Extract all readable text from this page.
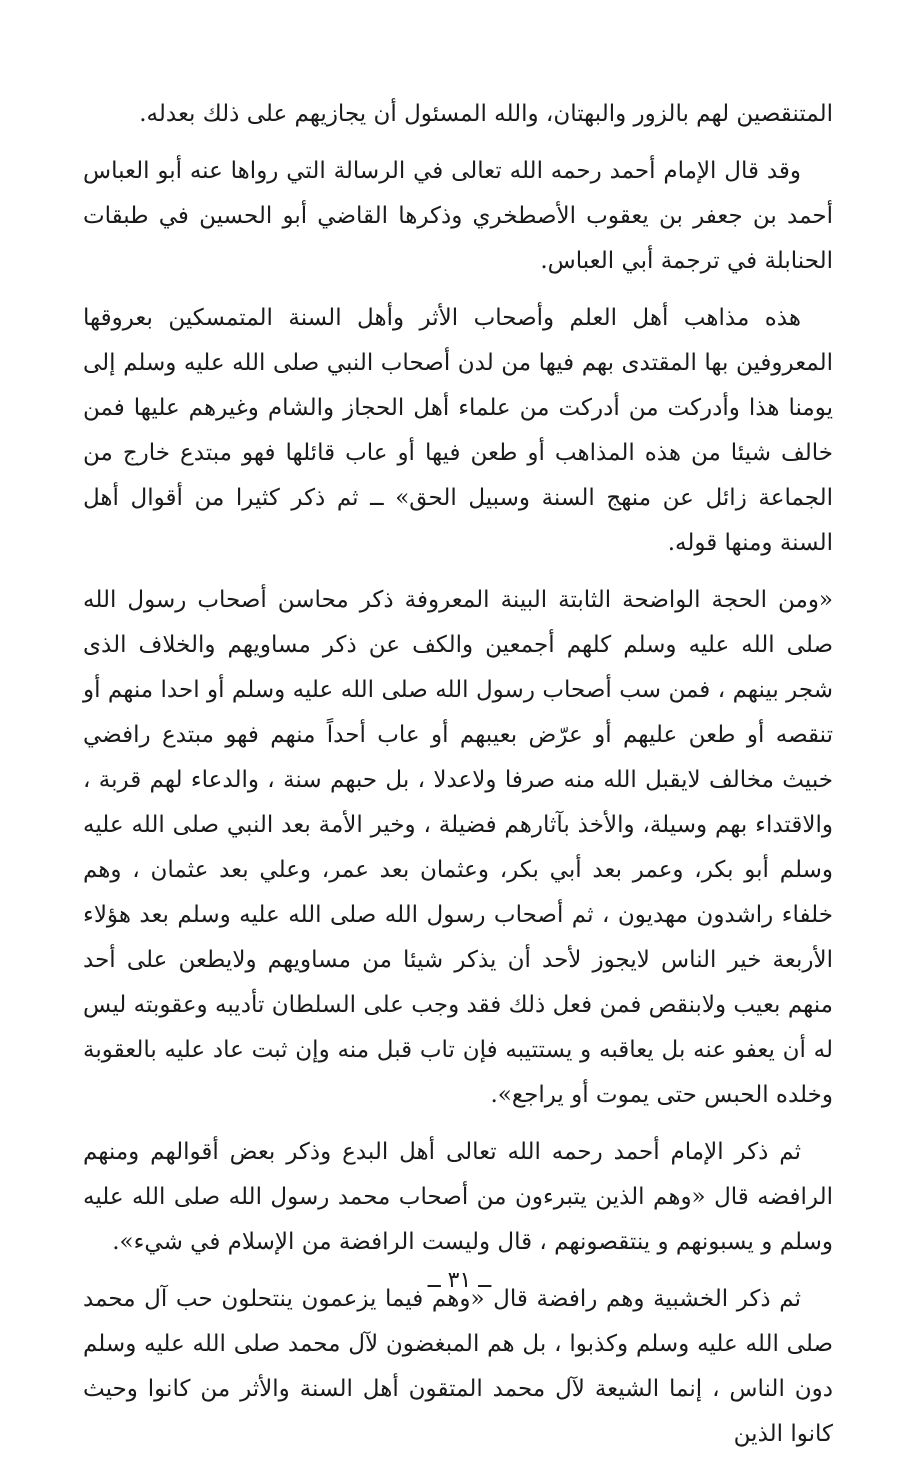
المتنقصين لهم بالزور والبهتان، والله المسئول أن يجازيهم على ذلك بعدله.

وقد قال الإمام أحمد رحمه الله تعالى في الرسالة التي رواها عنه أبو العباس أحمد بن جعفر بن يعقوب الأصطخري وذكرها القاضي أبو الحسين في طبقات الحنابلة في ترجمة أبي العباس.

هذه مذاهب أهل العلم وأصحاب الأثر وأهل السنة المتمسكين بعروقها المعروفين بها المقتدى بهم فيها من لدن أصحاب النبي صلى الله عليه وسلم إلى يومنا هذا وأدركت من أدركت من علماء أهل الحجاز والشام وغيرهم عليها فمن خالف شيئا من هذه المذاهب أو طعن فيها أو عاب قائلها فهو مبتدع خارج من الجماعة زائل عن منهج السنة وسبيل الحق» ــ ثم ذكر كثيرا من أقوال أهل السنة ومنها قوله.

«ومن الحجة الواضحة الثابتة البينة المعروفة ذكر محاسن أصحاب رسول الله صلى الله عليه وسلم كلهم أجمعين والكف عن ذكر مساويهم والخلاف الذى شجر بينهم ، فمن سب أصحاب رسول الله صلى الله عليه وسلم أو احدا منهم أو تنقصه أو طعن عليهم أو عرّض بعيبهم أو عاب أحداً منهم فهو مبتدع رافضي خبيث مخالف لايقبل الله منه صرفا ولاعدلا ، بل حبهم سنة ، والدعاء لهم قربة ، والاقتداء بهم وسيلة، والأخذ بآثارهم فضيلة ، وخير الأمة بعد النبي صلى الله عليه وسلم أبو بكر، وعمر بعد أبي بكر، وعثمان بعد عمر، وعلي بعد عثمان ، وهم خلفاء راشدون مهديون ، ثم أصحاب رسول الله صلى الله عليه وسلم بعد هؤلاء الأربعة خير الناس لايجوز لأحد أن يذكر شيئا من مساويهم ولايطعن على أحد منهم بعيب ولابنقص فمن فعل ذلك فقد وجب على السلطان تأديبه وعقوبته ليس له أن يعفو عنه بل يعاقبه و يستتيبه فإن تاب قبل منه وإن ثبت عاد عليه بالعقوبة وخلده الحبس حتى يموت أو يراجع».

ثم ذكر الإمام أحمد رحمه الله تعالى أهل البدع وذكر بعض أقوالهم ومنهم الرافضه قال «وهم الذين يتبرءون من أصحاب محمد رسول الله صلى الله عليه وسلم و يسبونهم و ينتقصونهم ، قال وليست الرافضة من الإسلام في شيء».

ثم ذكر الخشبية وهم رافضة قال «وهم فيما يزعمون ينتحلون حب آل محمد صلى الله عليه وسلم وكذبوا ، بل هم المبغضون لآل محمد صلى الله عليه وسلم دون الناس ، إنما الشيعة لآل محمد المتقون أهل السنة والأثر من كانوا وحيث كانوا الذين

ــ ٣١ ــ
